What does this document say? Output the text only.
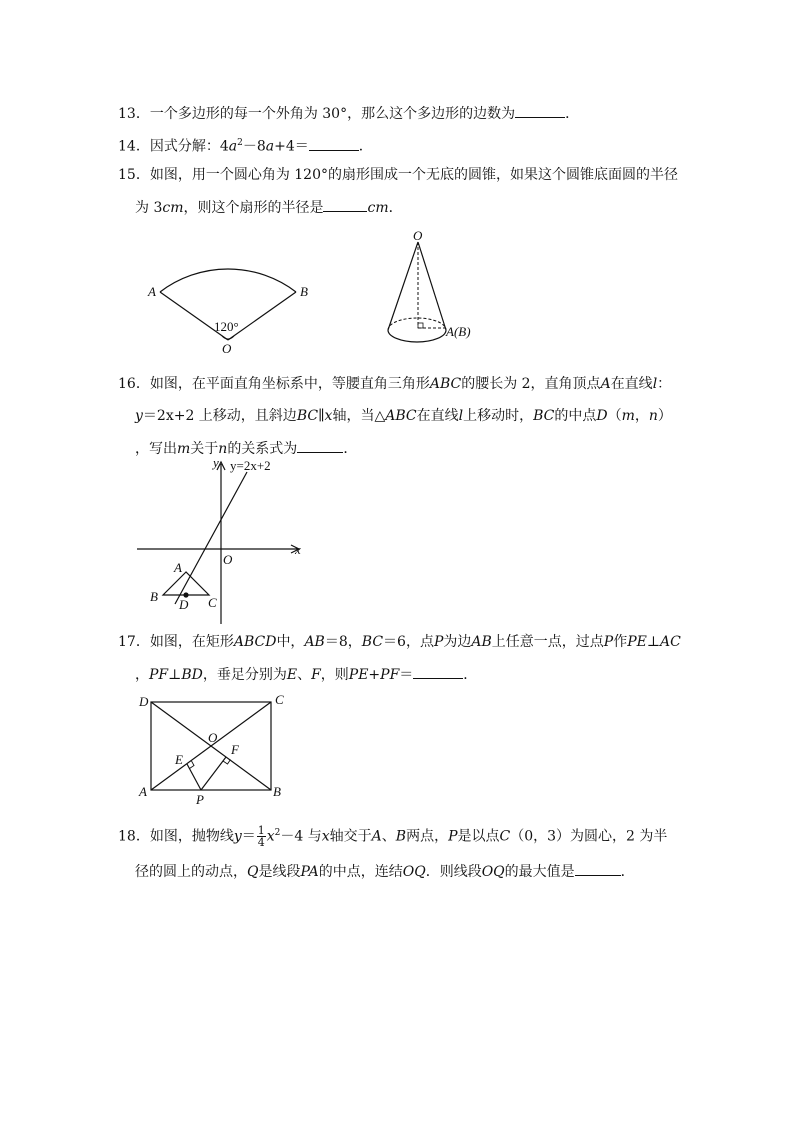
13．一个多边形的每一个外角为 30°，那么这个多边形的边数为	．
14．因式分解：$4a^2-8a+4=$	．
15．如图，用一个圆心角为 120°的扇形围成一个无底的圆锥，如果这个圆锥底面圆的半径
为 3cm，则这个扇形的半径是	cm．
A	B
O
120°
O
A(B)
16．如图，在平面直角坐标系中，等腰直角三角形ABC的腰长为 2，直角顶点A在直线l：
y＝2x+2 上移动，且斜边BC∥x轴，当△ABC在直线l上移动时，BC的中点D（m，n）
，写出m关于n的关系式为	．
y
x
O
y=2x+2
A
B	C
D
17．如图，在矩形ABCD中，AB＝8，BC＝6，点P为边AB上任意一点，过点P作PE⊥AC
，PF⊥BD，垂足分别为E、F，则PE+PF＝	．
A	B
C
D
O
E
F
P
18．如图，抛物线$y= \frac{1}{4} x^2-4$ 与x轴交于A、B两点，P是以点C（0，3）为圆心，2 为半
径的圆上的动点，Q是线段PA的中点，连结OQ．则线段OQ的最大值是	．
